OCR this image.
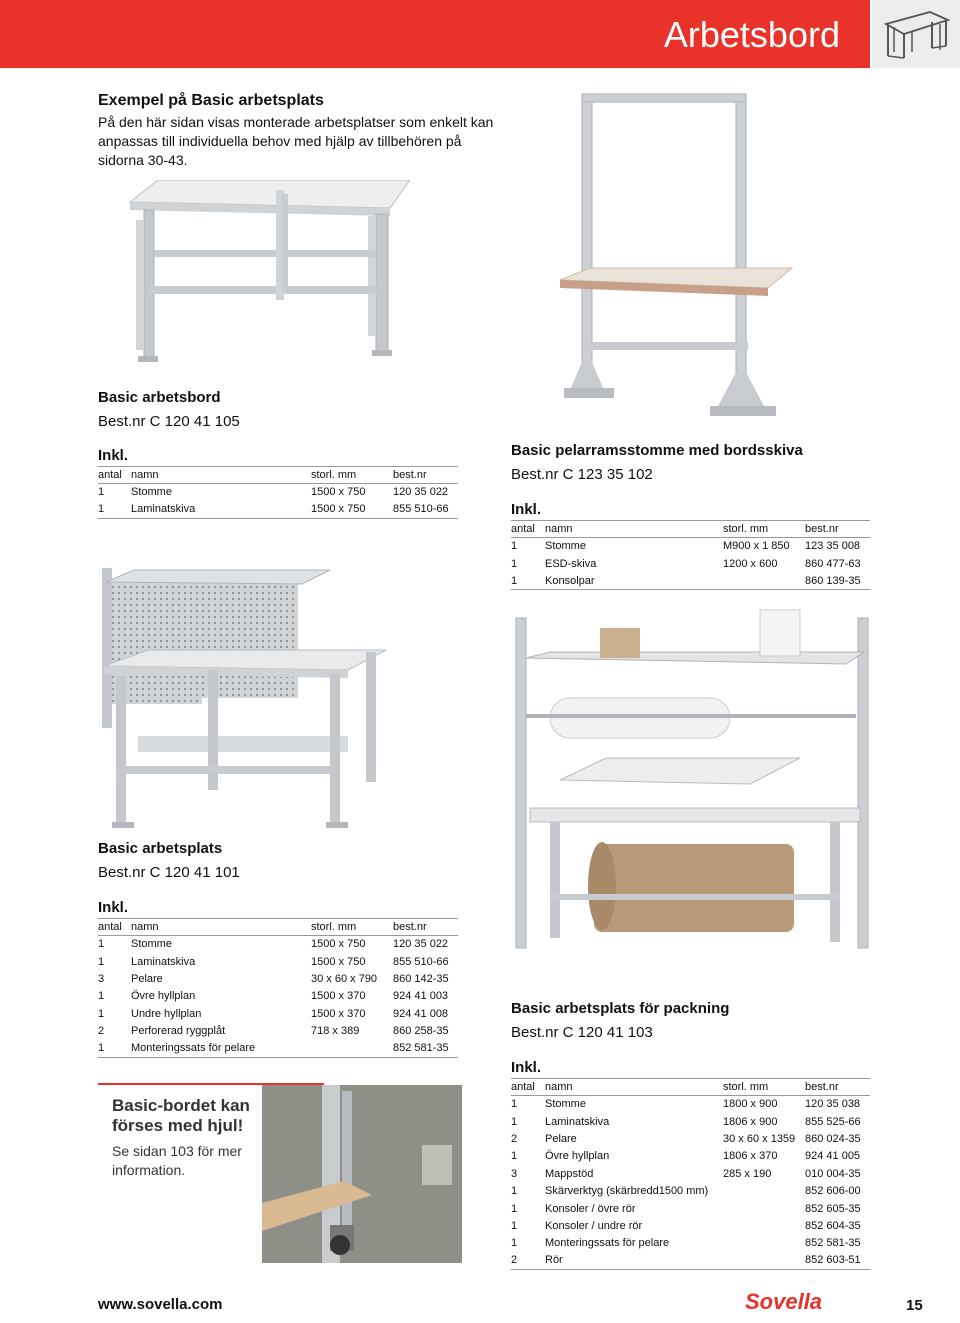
Arbetsbord
Exempel på Basic arbetsplats

På den här sidan visas monterade arbetsplatser som enkelt kan anpassas till individuella behov med hjälp av tillbehören på sidorna 30-43.

Basic arbetsbord
Best.nr C 120 41 105
Inkl.
antal	namn	storl. mm	best.nr
1	Stomme	1500 x 750	120 35 022
1	Laminatskiva	1500 x 750	855 510-66
Basic pelarramsstomme med bordsskiva
Best.nr C 123 35 102
Inkl.
antal	namn	storl. mm	best.nr
1	Stomme	M900 x 1 850	123 35 008
1	ESD-skiva	1200 x 600	860 477-63
1	Konsolpar		860 139-35
Basic arbetsplats
Best.nr C 120 41 101
Inkl.
antal	namn	storl. mm	best.nr
1	Stomme	1500 x 750	120 35 022
1	Laminatskiva	1500 x 750	855 510-66
3	Pelare	30 x 60 x 790	860 142-35
1	Övre hyllplan	1500 x 370	924 41 003
1	Undre hyllplan	1500 x 370	924 41 008
2	Perforerad ryggplåt	718 x 389	860 258-35
1	Monteringssats för pelare		852 581-35
Basic arbetsplats för packning
Best.nr C 120 41 103
Inkl.
antal	namn	storl. mm	best.nr
1	Stomme	1800 x 900	120 35 038
1	Laminatskiva	1806 x 900	855 525-66
2	Pelare	30 x 60 x 1359	860 024-35
1	Övre hyllplan	1806 x 370	924 41 005
3	Mappstöd	285 x 190	010 004-35
1	Skärverktyg (skärbredd1500 mm)		852 606-00
1	Konsoler / övre rör		852 605-35
1	Konsoler / undre rör		852 604-35
1	Monteringssats för pelare		852 581-35
2	Rör		852 603-51
Basic-bordet kan förses med hjul!
Se sidan 103 för mer information.
www.sovella.com	Sovella	15
